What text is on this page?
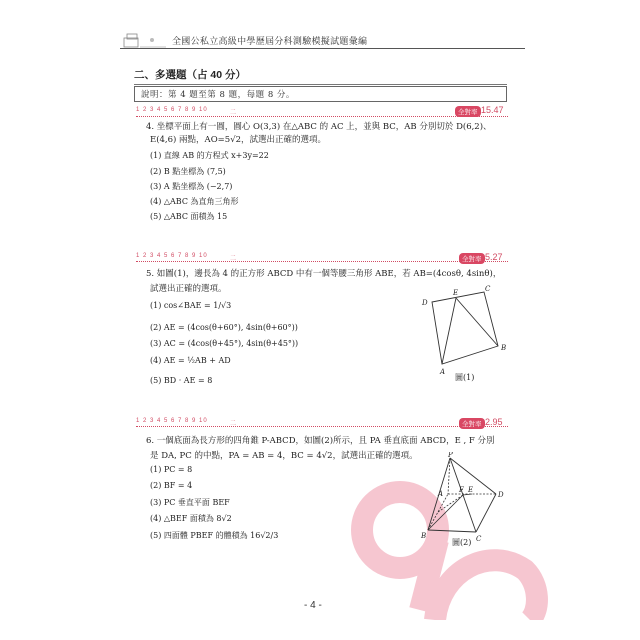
全國公私立高級中學歷屆分科測驗模擬試題彙編
二、多選題（占 40 分）
說明：第 4 題至第 8 題，每題 8 分。
1 2 3 4 5 6 7 8 9 10	二	全對率 15.47
4. 坐標平面上有一圓，圓心 O(3,3) 在△ABC 的 AC 上，並與 BC，AB 分別切於 D(6,2)、
E(4,6) 兩點，AO=5√2，試選出正確的選項。
(1) 直線 AB 的方程式 x+3y=22
(2) B 點坐標為 (7,5)
(3) A 點坐標為 (−2,7)
(4) △ABC 為直角三角形
(5) △ABC 面積為 15
1 2 3 4 5 6 7 8 9 10	二	全對率 5.27
5. 如圖(1)，邊長為 4 的正方形 ABCD 中有一個等腰三角形 ABE，若 AB=(4cosθ, 4sinθ)，
試選出正確的選項。
(1) cos∠BAE = 1/√3
(2) AE = (4cos(θ+60°), 4sin(θ+60°))
(3) AC = (4cos(θ+45°), 4sin(θ+45°))
(4) AE = ½AB + AD
(5) BD · AE = 8
D
E	C
B
A
圖(1)
1 2 3 4 5 6 7 8 9 10	二	全對率 2.95
6. 一個底面為長方形的四角錐 P-ABCD，如圖(2)所示，且 PA 垂直底面 ABCD，E , F 分別
是 DA, PC 的中點，PA = AB = 4，BC = 4√2，試選出正確的選項。
(1) PC = 8
(2) BF = 4
(3) PC 垂直平面 BEF
(4) △BEF 面積為 8√2
(5) 四面體 PBEF 的體積為 16√2/3
P
A	E
F
D
B	C
圖(2)
- 4 -
